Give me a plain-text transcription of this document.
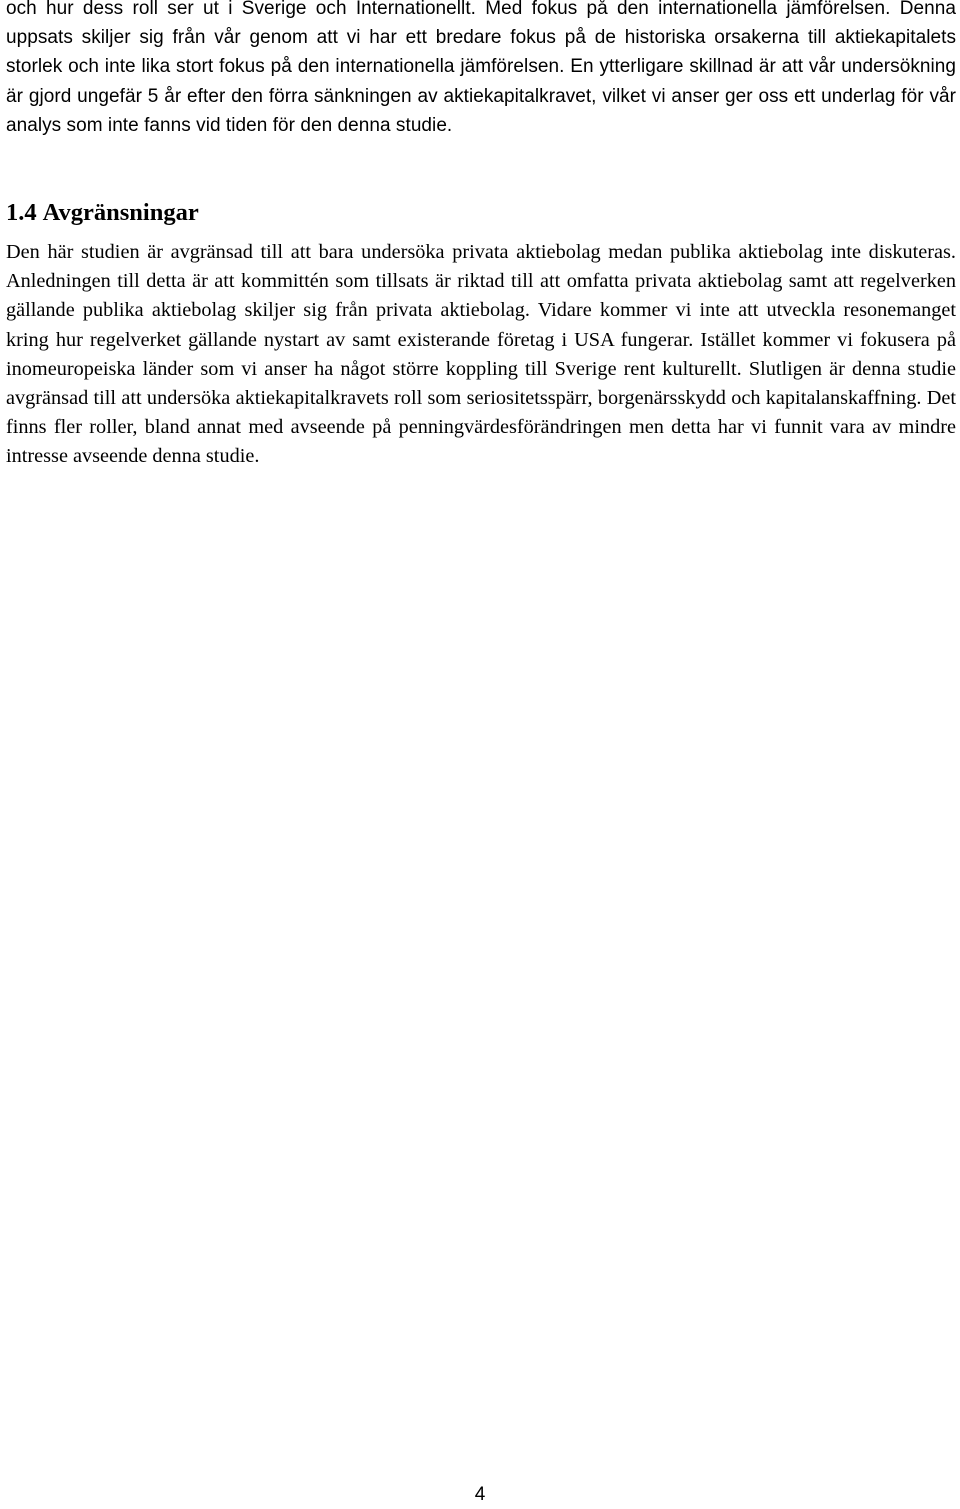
och hur dess roll ser ut i Sverige och Internationellt. Med fokus på den internationella jämförelsen. Denna uppsats skiljer sig från vår genom att vi har ett bredare fokus på de historiska orsakerna till aktiekapitalets storlek och inte lika stort fokus på den internationella jämförelsen. En ytterligare skillnad är att vår undersökning är gjord ungefär 5 år efter den förra sänkningen av aktiekapitalkravet, vilket vi anser ger oss ett underlag för vår analys som inte fanns vid tiden för den denna studie.

1.4 Avgränsningar

Den här studien är avgränsad till att bara undersöka privata aktiebolag medan publika aktiebolag inte diskuteras. Anledningen till detta är att kommittén som tillsats är riktad till att omfatta privata aktiebolag samt att regelverken gällande publika aktiebolag skiljer sig från privata aktiebolag. Vidare kommer vi inte att utveckla resonemanget kring hur regelverket gällande nystart av samt existerande företag i USA fungerar. Istället kommer vi fokusera på inomeuropeiska länder som vi anser ha något större koppling till Sverige rent kulturellt. Slutligen är denna studie avgränsad till att undersöka aktiekapitalkravets roll som seriositetsspärr, borgenärsskydd och kapitalanskaffning. Det finns fler roller, bland annat med avseende på penningvärdesförändringen men detta har vi funnit vara av mindre intresse avseende denna studie.

4
